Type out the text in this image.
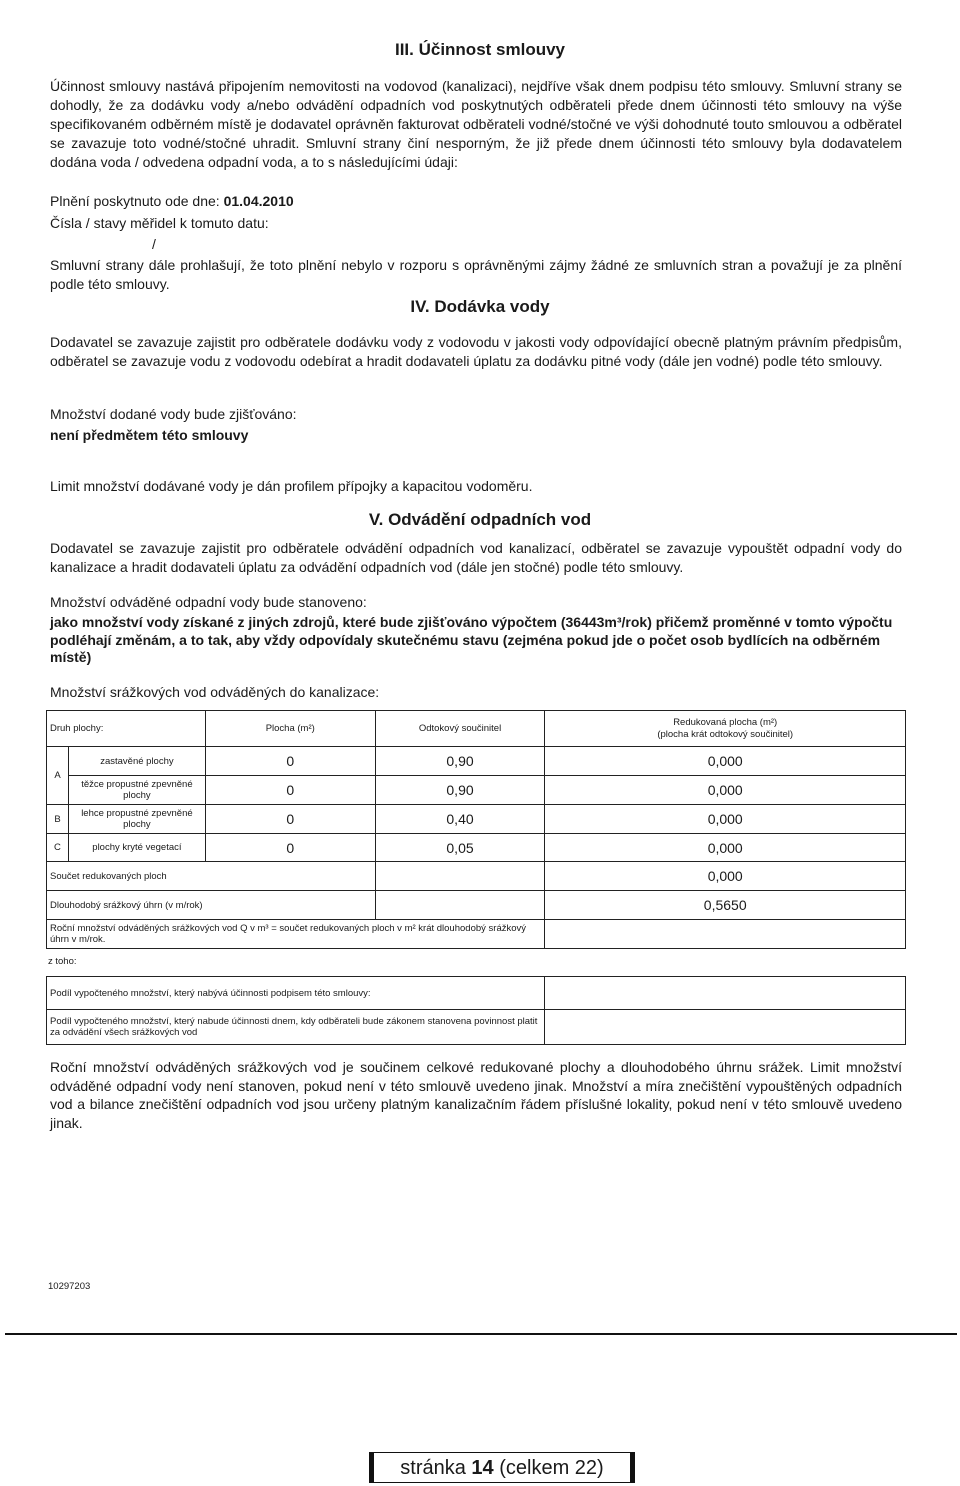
III. Účinnost smlouvy
Účinnost smlouvy nastává připojením nemovitosti na vodovod (kanalizaci), nejdříve však dnem podpisu této smlouvy. Smluvní strany se dohodly, že za dodávku vody a/nebo odvádění odpadních vod poskytnutých odběrateli přede dnem účinnosti této smlouvy na výše specifikovaném odběrném místě je dodavatel oprávněn fakturovat odběrateli vodné/stočné ve výši dohodnuté touto smlouvou a odběratel se zavazuje toto vodné/stočné uhradit. Smluvní strany činí nesporným, že již přede dnem účinnosti této smlouvy byla dodavatelem dodána voda / odvedena odpadní voda, a to s následujícími údaji:
Plnění poskytnuto ode dne: 01.04.2010
Čísla / stavy měřidel k tomuto datu:
/
Smluvní strany dále prohlašují, že toto plnění nebylo v rozporu s oprávněnými zájmy žádné ze smluvních stran a považují je za plnění podle této smlouvy.
IV. Dodávka vody
Dodavatel se zavazuje zajistit pro odběratele dodávku vody z vodovodu v jakosti vody odpovídající obecně platným právním předpisům, odběratel se zavazuje vodu z vodovodu odebírat a hradit dodavateli úplatu za dodávku pitné vody (dále jen vodné) podle této smlouvy.
Množství dodané vody bude zjišťováno:
není předmětem této smlouvy
Limit množství dodávané vody je dán profilem přípojky a kapacitou vodoměru.
V. Odvádění odpadních vod
Dodavatel se zavazuje zajistit pro odběratele odvádění odpadních vod kanalizací, odběratel se zavazuje vypouštět odpadní vody do kanalizace a hradit dodavateli úplatu za odvádění odpadních vod (dále jen stočné) podle této smlouvy.
Množství odváděné odpadní vody bude stanoveno:
jako množství vody získané z jiných zdrojů, které bude zjišťováno výpočtem (36443m³/rok) přičemž proměnné v tomto výpočtu podléhají změnám, a to tak, aby vždy odpovídaly skutečnému stavu (zejména pokud jde o počet osob bydlících na odběrném místě)
Množství srážkových vod odváděných do kanalizace:
Druh plochy:		Plocha (m²)	Odtokový součinitel	Redukovaná plocha (m²)
(plocha krát odtokový součinitel)

A	zastavěné plochy	0	0,90	0,000
	těžce propustné zpevněné plochy	0	0,90	0,000
B	lehce propustné zpevněné plochy	0	0,40	0,000
C	plochy kryté vegetací	0	0,05	0,000
Součet redukovaných ploch				0,000
Dlouhodobý srážkový úhrn (v m/rok)				0,5650
Roční množství odváděných srážkových vod Q v m³ = součet redukovaných ploch v m² krát dlouhodobý srážkový úhrn v m/rok.				
z toho:
Podíl vypočteného množství, který nabývá účinnosti podpisem této smlouvy:	
Podíl vypočteného množství, který nabude účinnosti dnem, kdy odběrateli bude zákonem stanovena povinnost platit za odvádění všech srážkových vod	
Roční množství odváděných srážkových vod je součinem celkové redukované plochy a dlouhodobého úhrnu srážek. Limit množství odváděné odpadní vody není stanoven, pokud není v této smlouvě uvedeno jinak. Množství a míra znečištění vypouštěných odpadních vod a bilance znečištění odpadních vod jsou určeny platným kanalizačním řádem příslušné lokality, pokud není v této smlouvě uvedeno jinak.
10297203
stránka 14 (celkem 22)
